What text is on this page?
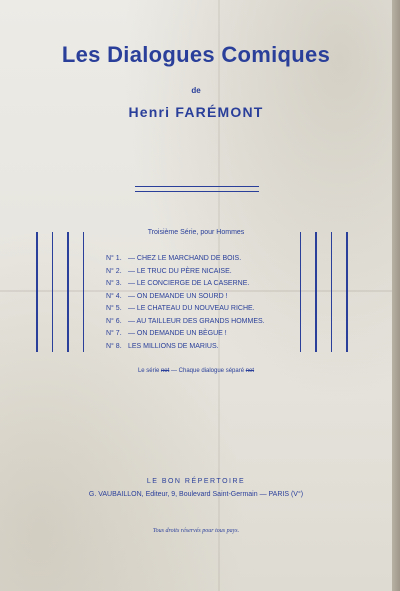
Les Dialogues Comiques
de
Henri FARÉMONT
Troisième Série, pour Hommes
N° 1. — CHEZ LE MARCHAND DE BOIS.
N° 2. — LE TRUC DU PÈRE NICAISE.
N° 3. — LE CONCIERGE DE LA CASERNE.
N° 4. — ON DEMANDE UN SOURD !
N° 5. — LE CHATEAU DU NOUVEAU RICHE.
N° 6. — AU TAILLEUR DES GRANDS HOMMES.
N° 7. — ON DEMANDE UN BÈGUE !
N° 8. LES MILLIONS DE MARIUS.
Le série net — Chaque dialogue séparé net
LE BON RÉPERTOIRE
G. VAUBAILLON, Editeur, 9, Boulevard Saint-Germain — PARIS (V°)
Tous droits réservés pour tous pays.
